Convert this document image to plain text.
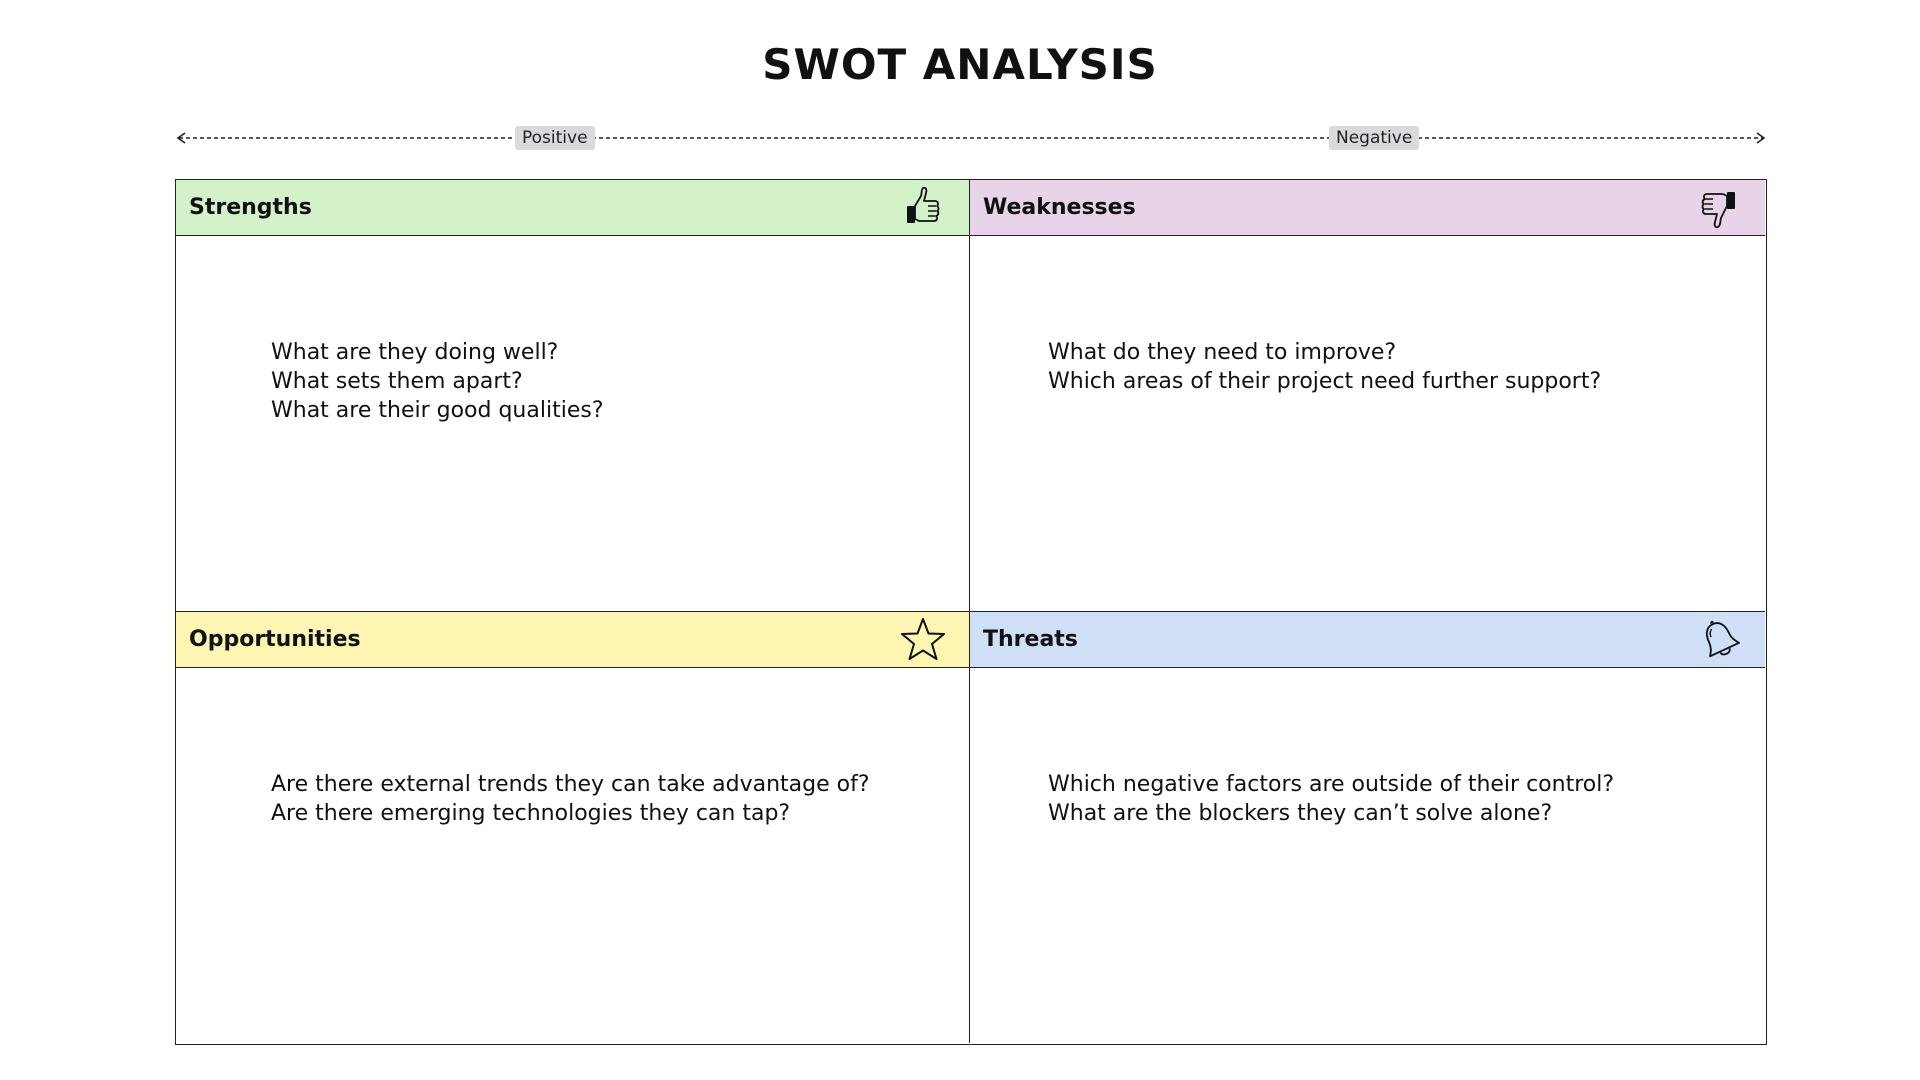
SWOT ANALYSIS
Positive	Negative
Strengths
What are they doing well?
What sets them apart?
What are their good qualities?
Weaknesses
What do they need to improve?
Which areas of their project need further support?
Opportunities
Are there external trends they can take advantage of?
Are there emerging technologies they can tap?
Threats
Which negative factors are outside of their control?
What are the blockers they can’t solve alone?
